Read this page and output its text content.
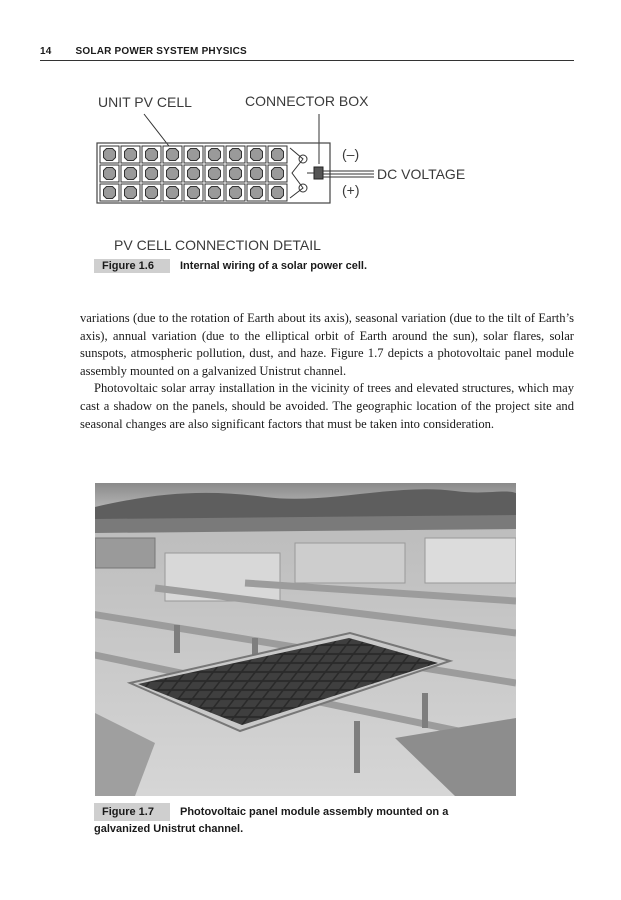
14 SOLAR POWER SYSTEM PHYSICS
UNIT PV CELL	CONNECTOR BOX
(–)
DC VOLTAGE
(+)
PV CELL CONNECTION DETAIL
Figure 1.6 Internal wiring of a solar power cell.

variations (due to the rotation of Earth about its axis), seasonal variation (due to the tilt of Earth’s axis), annual variation (due to the elliptical orbit of Earth around the sun), solar flares, solar sunspots, atmospheric pollution, dust, and haze. Figure 1.7 depicts a photovoltaic panel module assembly mounted on a galvanized Unistrut channel.

Photovoltaic solar array installation in the vicinity of trees and elevated structures, which may cast a shadow on the panels, should be avoided. The geographic location of the project site and seasonal changes are also significant factors that must be taken into consideration.

Figure 1.7 Photovoltaic panel module assembly mounted on a galvanized Unistrut channel.
